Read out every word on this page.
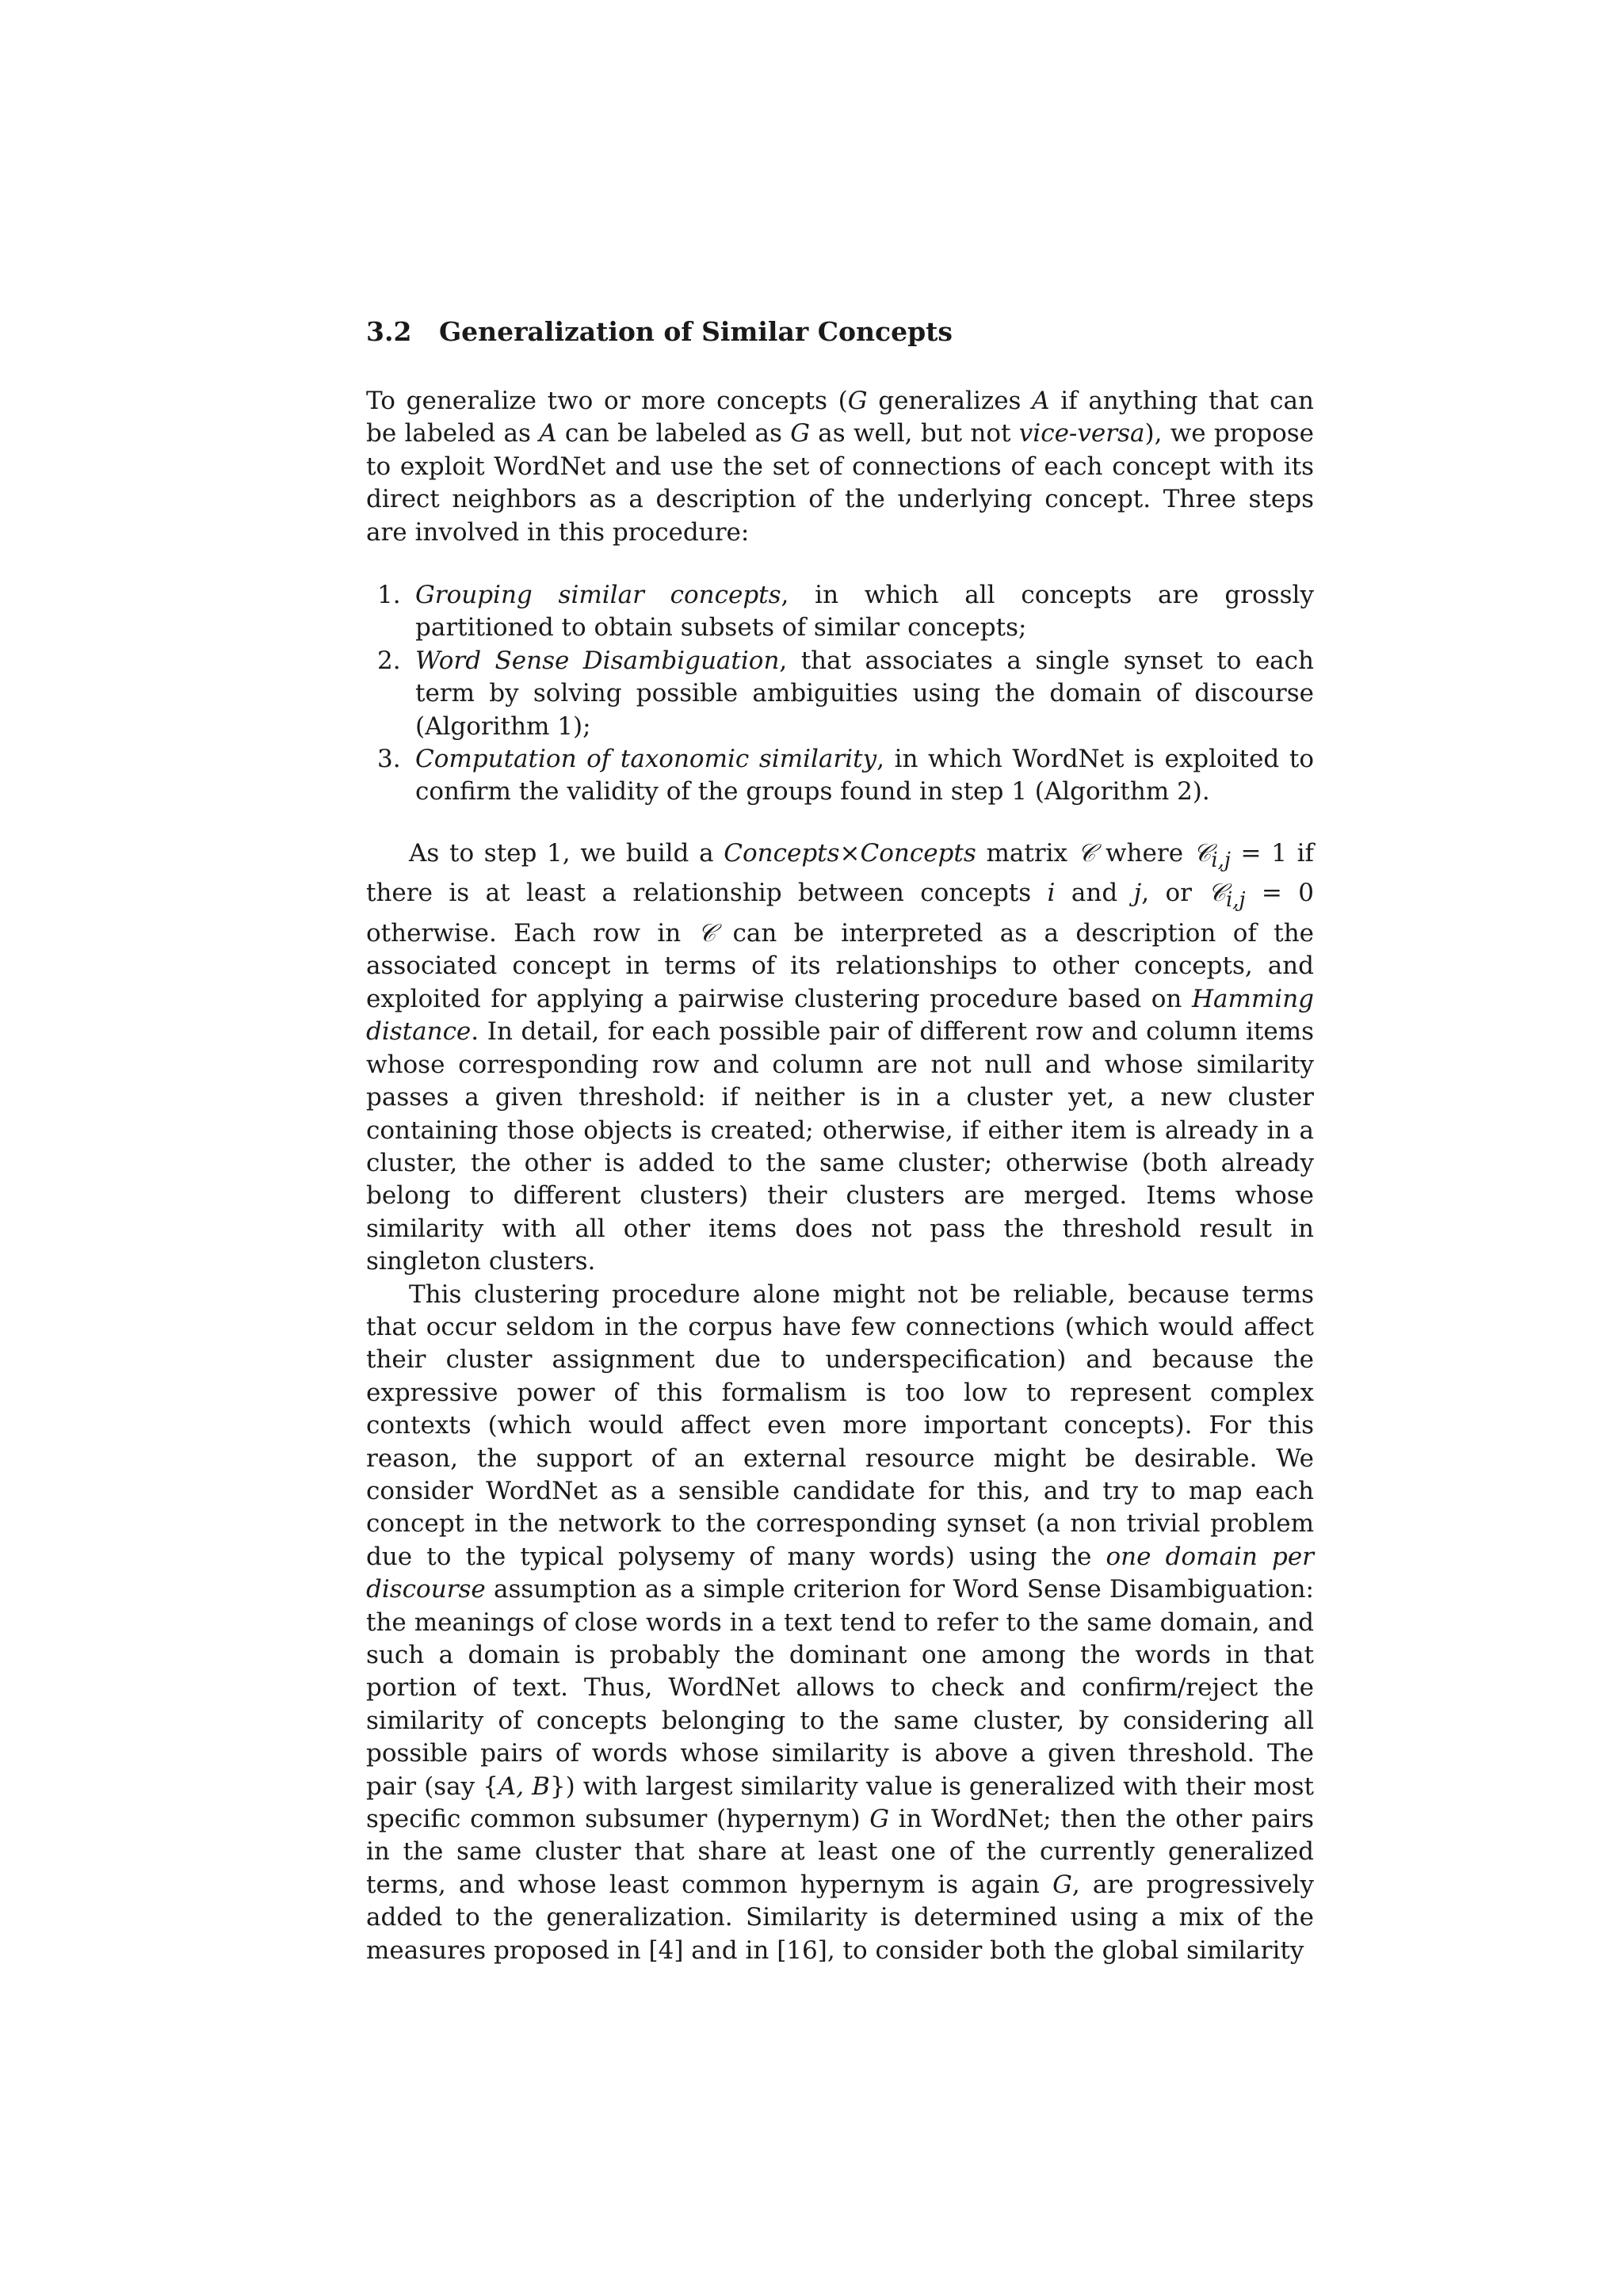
3.2	Generalization of Similar Concepts

To generalize two or more concepts (G generalizes A if anything that can be labeled as A can be labeled as G as well, but not vice-versa), we propose to exploit WordNet and use the set of connections of each concept with its direct neighbors as a description of the underlying concept. Three steps are involved in this procedure:

1. Grouping similar concepts, in which all concepts are grossly partitioned to obtain subsets of similar concepts;
2. Word Sense Disambiguation, that associates a single synset to each term by solving possible ambiguities using the domain of discourse (Algorithm 1);
3. Computation of taxonomic similarity, in which WordNet is exploited to confirm the validity of the groups found in step 1 (Algorithm 2).

As to step 1, we build a Concepts×Concepts matrix 𝒞 where 𝒞$_{i,j}$ = 1 if there is at least a relationship between concepts i and j, or 𝒞$_{i,j}$ = 0 otherwise. Each row in 𝒞 can be interpreted as a description of the associated concept in terms of its relationships to other concepts, and exploited for applying a pairwise clustering procedure based on Hamming distance. In detail, for each possible pair of different row and column items whose corresponding row and column are not null and whose similarity passes a given threshold: if neither is in a cluster yet, a new cluster containing those objects is created; otherwise, if either item is already in a cluster, the other is added to the same cluster; otherwise (both already belong to different clusters) their clusters are merged. Items whose similarity with all other items does not pass the threshold result in singleton clusters.

This clustering procedure alone might not be reliable, because terms that occur seldom in the corpus have few connections (which would affect their cluster assignment due to underspecification) and because the expressive power of this formalism is too low to represent complex contexts (which would affect even more important concepts). For this reason, the support of an external resource might be desirable. We consider WordNet as a sensible candidate for this, and try to map each concept in the network to the corresponding synset (a non trivial problem due to the typical polysemy of many words) using the one domain per discourse assumption as a simple criterion for Word Sense Disambiguation: the meanings of close words in a text tend to refer to the same domain, and such a domain is probably the dominant one among the words in that portion of text. Thus, WordNet allows to check and confirm/reject the similarity of concepts belonging to the same cluster, by considering all possible pairs of words whose similarity is above a given threshold. The pair (say {A, B}) with largest similarity value is generalized with their most specific common subsumer (hypernym) G in WordNet; then the other pairs in the same cluster that share at least one of the currently generalized terms, and whose least common hypernym is again G, are progressively added to the generalization. Similarity is determined using a mix of the measures proposed in [4] and in [16], to consider both the global similarity
